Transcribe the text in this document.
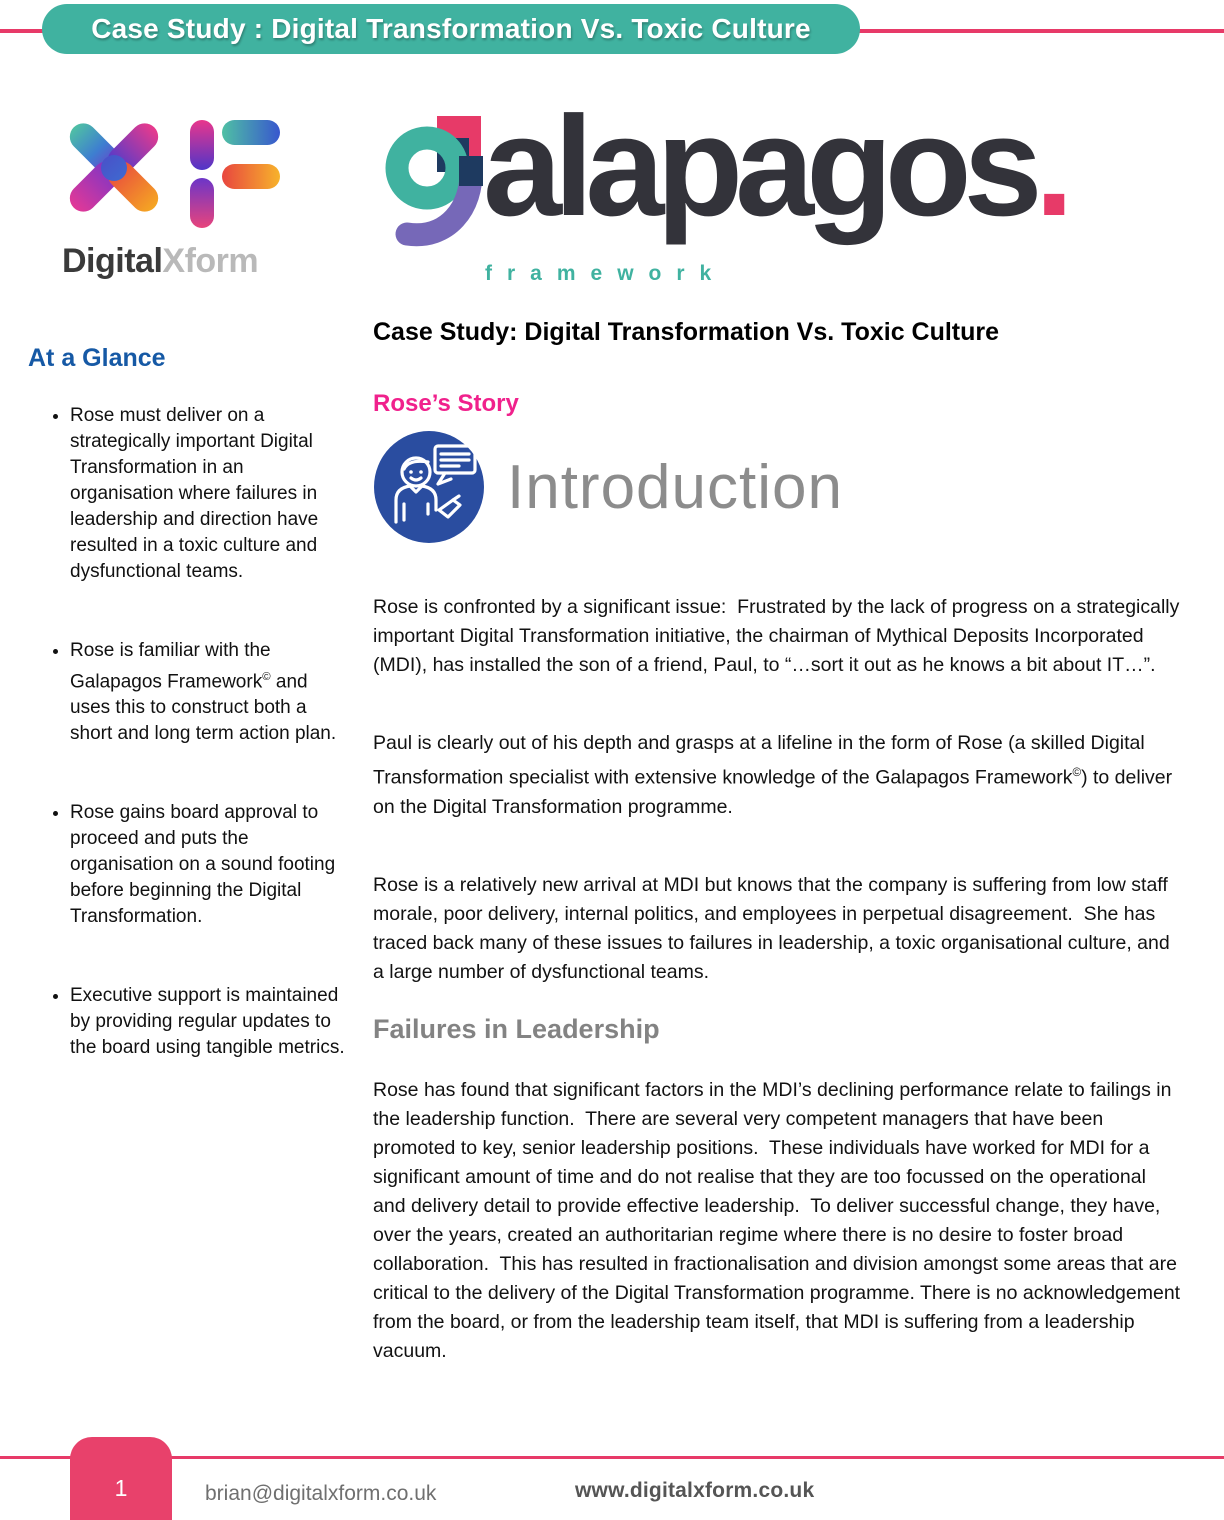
Case Study : Digital Transformation Vs. Toxic Culture
DigitalXform
alapagos.
framework
At a Glance
• Rose must deliver on a strategically important Digital Transformation in an organisation where failures in leadership and direction have resulted in a toxic culture and dysfunctional teams.
• Rose is familiar with the Galapagos Framework© and uses this to construct both a short and long term action plan.
• Rose gains board approval to proceed and puts the organisation on a sound footing before beginning the Digital Transformation.
• Executive support is maintained by providing regular updates to the board using tangible metrics.
Case Study: Digital Transformation Vs. Toxic Culture
Rose’s Story
Introduction

Rose is confronted by a significant issue:  Frustrated by the lack of progress on a strategically important Digital Transformation initiative, the chairman of Mythical Deposits Incorporated (MDI), has installed the son of a friend, Paul, to “…sort it out as he knows a bit about IT…”.

Paul is clearly out of his depth and grasps at a lifeline in the form of Rose (a skilled Digital Transformation specialist with extensive knowledge of the Galapagos Framework©) to deliver on the Digital Transformation programme.

Rose is a relatively new arrival at MDI but knows that the company is suffering from low staff morale, poor delivery, internal politics, and employees in perpetual disagreement.  She has traced back many of these issues to failures in leadership, a toxic organisational culture, and a large number of dysfunctional teams.

Failures in Leadership

Rose has found that significant factors in the MDI’s declining performance relate to failings in the leadership function.  There are several very competent managers that have been promoted to key, senior leadership positions.  These individuals have worked for MDI for a significant amount of time and do not realise that they are too focussed on the operational and delivery detail to provide effective leadership.  To deliver successful change, they have, over the years, created an authoritarian regime where there is no desire to foster broad collaboration.  This has resulted in fractionalisation and division amongst some areas that are critical to the delivery of the Digital Transformation programme. There is no acknowledgement from the board, or from the leadership team itself, that MDI is suffering from a leadership vacuum.

1	brian@digitalxform.co.uk	www.digitalxform.co.uk
